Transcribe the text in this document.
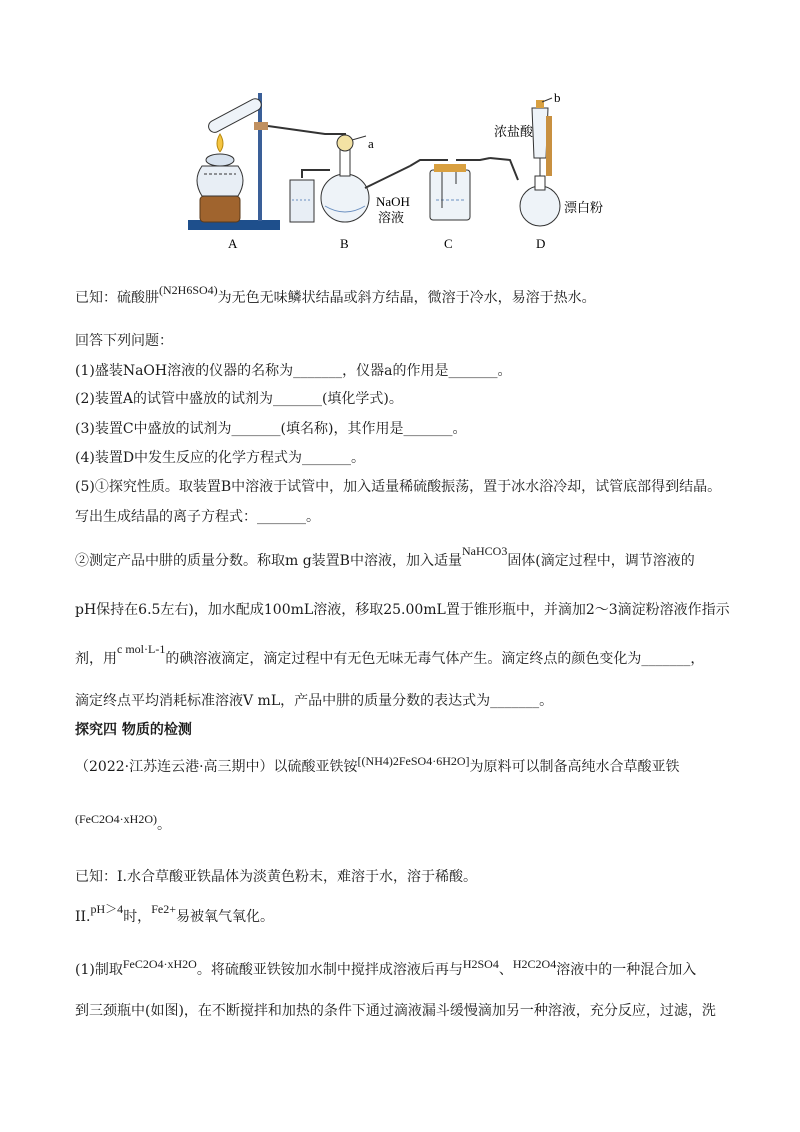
A	B	C	D
a
b
NaOH
溶液
浓盐酸
漂白粉
已知：硫酸肼(N2H6SO4)为无色无味鳞状结晶或斜方结晶，微溶于冷水，易溶于热水。
回答下列问题：
(1)盛装NaOH溶液的仪器的名称为_______，仪器a的作用是_______。
(2)装置A的试管中盛放的试剂为_______(填化学式)。
(3)装置C中盛放的试剂为_______(填名称)，其作用是_______。
(4)装置D中发生反应的化学方程式为_______。
(5)①探究性质。取装置B中溶液于试管中，加入适量稀硫酸振荡，置于冰水浴冷却，试管底部得到结晶。
写出生成结晶的离子方程式：_______。
②测定产品中肼的质量分数。称取m g装置B中溶液，加入适量NaHCO3固体(滴定过程中，调节溶液的
pH保持在6.5左右)，加水配成100mL溶液，移取25.00mL置于锥形瓶中，并滴加2～3滴淀粉溶液作指示
剂，用c mol·L-1的碘溶液滴定，滴定过程中有无色无味无毒气体产生。滴定终点的颜色变化为_______，
滴定终点平均消耗标准溶液V mL，产品中肼的质量分数的表达式为_______。
探究四 物质的检测
（2022·江苏连云港·高三期中）以硫酸亚铁铵[(NH4)2FeSO4·6H2O]为原料可以制备高纯水合草酸亚铁
(FeC2O4·xH2O)。
已知：I.水合草酸亚铁晶体为淡黄色粉末，难溶于水，溶于稀酸。
II.pH＞4时，Fe2+易被氧气氧化。
(1)制取FeC2O4·xH2O。将硫酸亚铁铵加水制中搅拌成溶液后再与H2SO4、H2C2O4溶液中的一种混合加入
到三颈瓶中(如图)，在不断搅拌和加热的条件下通过滴液漏斗缓慢滴加另一种溶液，充分反应，过滤，洗
